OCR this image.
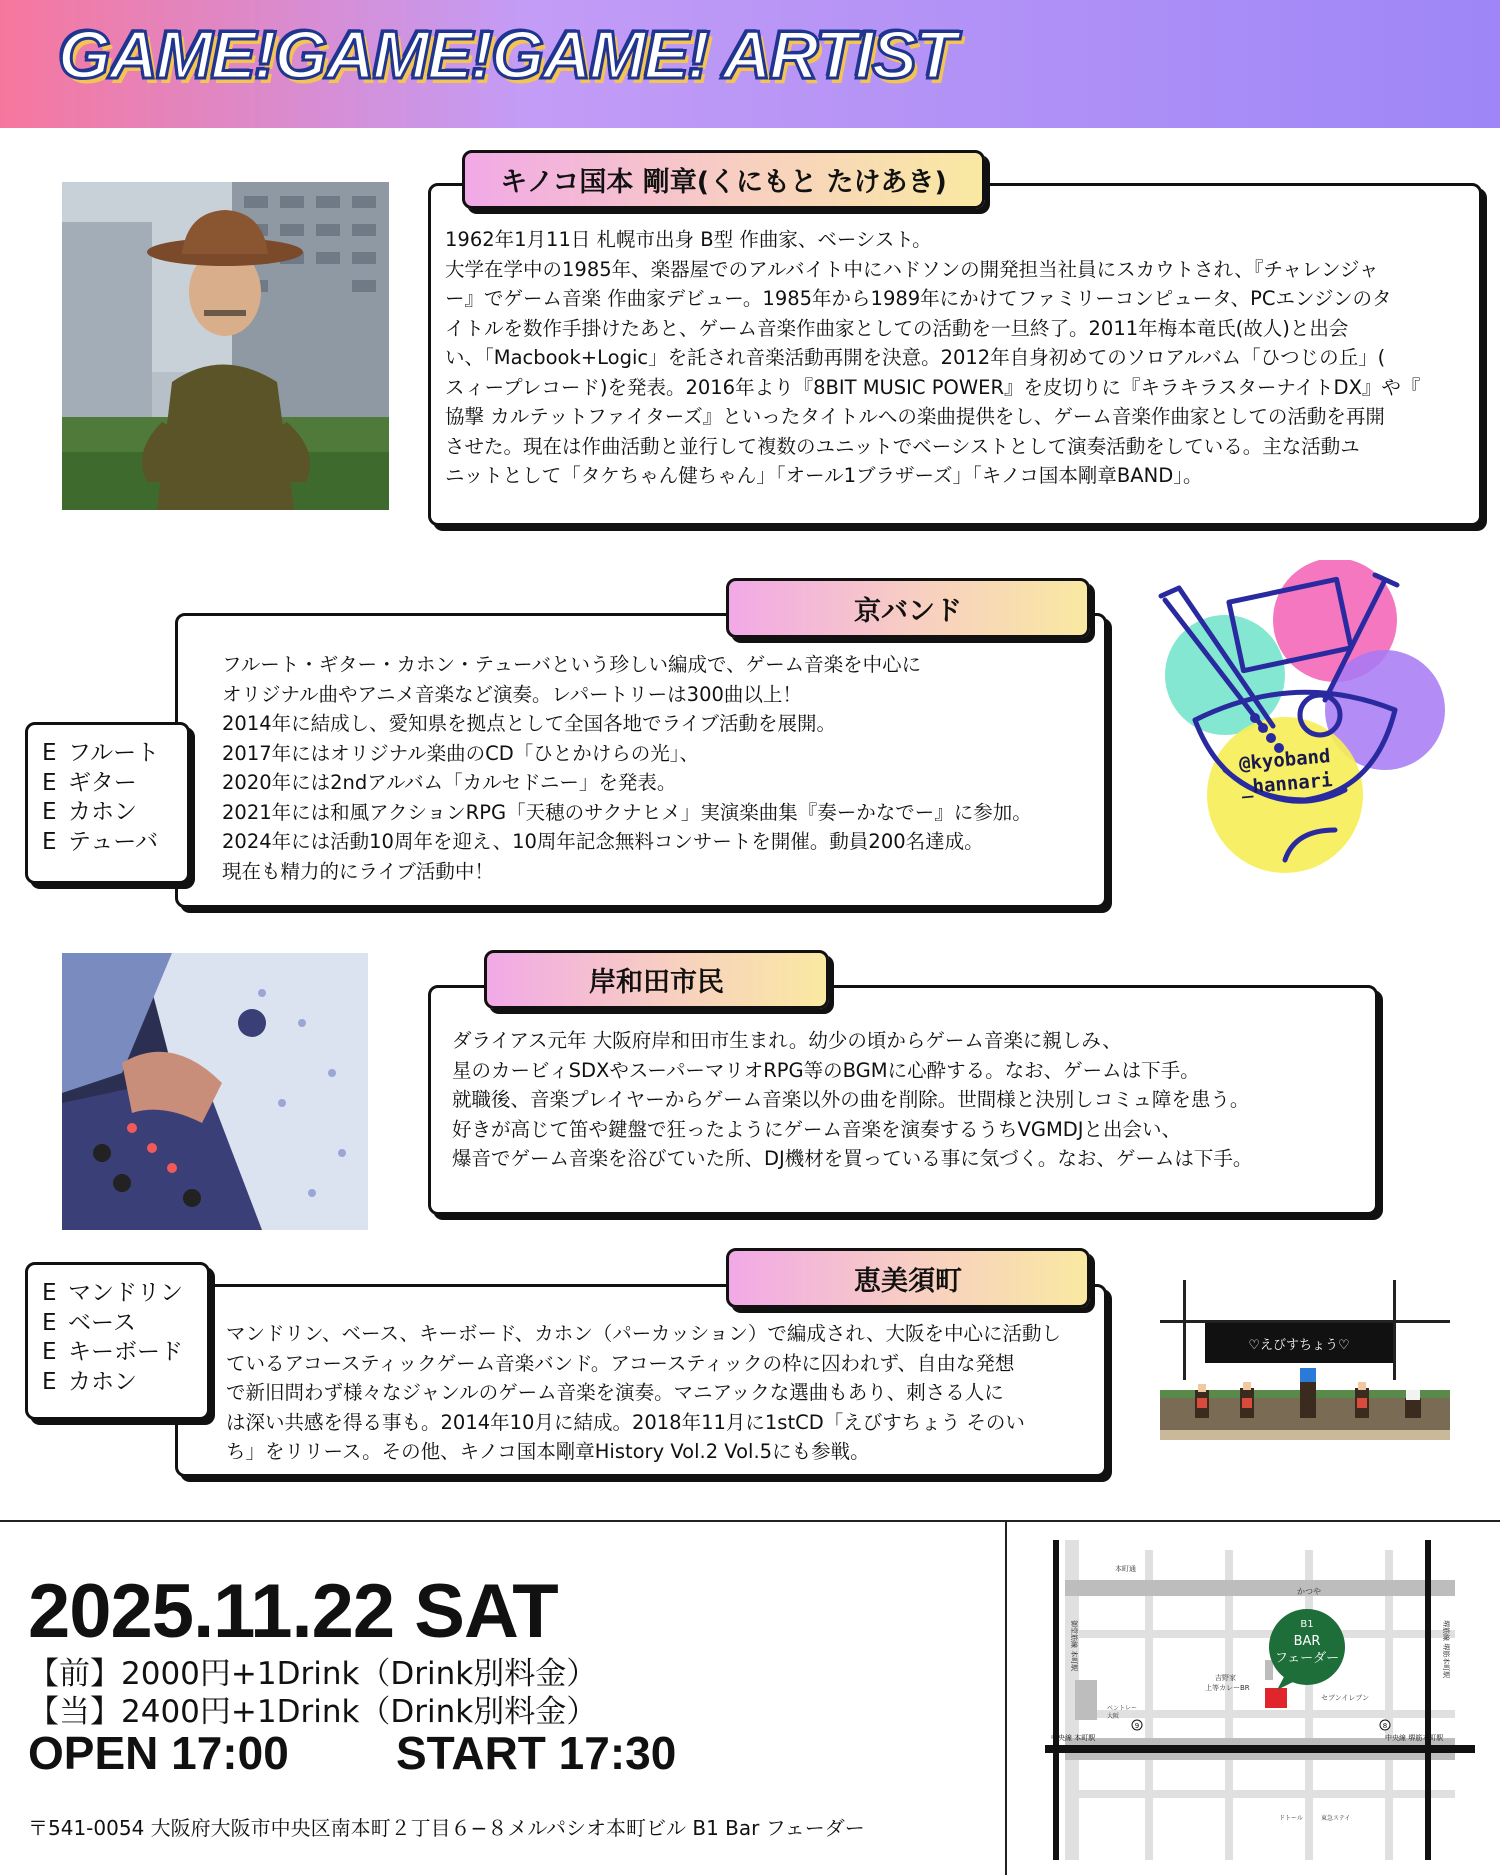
GAME!GAME!GAME! ARTIST
1962年1月11日 札幌市出身 B型 作曲家、ベーシスト。
大学在学中の1985年、楽器屋でのアルバイト中にハドソンの開発担当社員にスカウトされ、『チャレンジャ
ー』でゲーム音楽 作曲家デビュー。1985年から1989年にかけてファミリーコンピュータ、PCエンジンのタ
イトルを数作手掛けたあと、ゲーム音楽作曲家としての活動を一旦終了。2011年梅本竜氏(故人)と出会
い、「Macbook+Logic」を託され音楽活動再開を決意。2012年自身初めてのソロアルバム「ひつじの丘」(
スィープレコード)を発表。2016年より『8BIT MUSIC POWER』を皮切りに『キラキラスターナイトDX』や『
協撃 カルテットファイターズ』といったタイトルへの楽曲提供をし、ゲーム音楽作曲家としての活動を再開
させた。現在は作曲活動と並行して複数のユニットでベーシストとして演奏活動をしている。主な活動ユ
ニットとして「タケちゃん健ちゃん」「オール1ブラザーズ」「キノコ国本剛章BAND」。
キノコ国本 剛章(くにもと たけあき)
フルート・ギター・カホン・テューバという珍しい編成で、ゲーム音楽を中心に
オリジナル曲やアニメ音楽など演奏。レパートリーは300曲以上！
2014年に結成し、愛知県を拠点として全国各地でライブ活動を展開。
2017年にはオリジナル楽曲のCD「ひとかけらの光」、
2020年には2ndアルバム「カルセドニー」を発表。
2021年には和風アクションRPG「天穂のサクナヒメ」実演楽曲集『奏ーかなでー』に参加。
2024年には活動10周年を迎え、10周年記念無料コンサートを開催。動員200名達成。
現在も精力的にライブ活動中！
京バンド
E フルート
E ギター
E カホン
E テューバ
@kyoband
_hannari
ダライアス元年 大阪府岸和田市生まれ。幼少の頃からゲーム音楽に親しみ、
星のカービィSDXやスーパーマリオRPG等のBGMに心酔する。なお、ゲームは下手。
就職後、音楽プレイヤーからゲーム音楽以外の曲を削除。世間様と決別しコミュ障を患う。
好きが高じて笛や鍵盤で狂ったようにゲーム音楽を演奏するうちVGMDJと出会い、
爆音でゲーム音楽を浴びていた所、DJ機材を買っている事に気づく。なお、ゲームは下手。
岸和田市民
マンドリン、ベース、キーボード、カホン（パーカッション）で編成され、大阪を中心に活動し
ているアコースティックゲーム音楽バンド。アコースティックの枠に囚われず、自由な発想
で新旧問わず様々なジャンルのゲーム音楽を演奏。マニアックな選曲もあり、刺さる人に
は深い共感を得る事も。2014年10月に結成。2018年11月に1stCD「えびすちょう そのい
ち」をリリース。その他、キノコ国本剛章History Vol.2 Vol.5にも参戦。
恵美須町
E マンドリン
E ベース
E キーボード
E カホン
♡えびすちょう♡
2025.11.22 SAT
【前】2000円+1Drink（Drink別料金）
【当】2400円+1Drink（Drink別料金）
OPEN 17:00 START 17:30
〒541-0054 大阪府大阪市中央区南本町２丁目６−８メルパシオ本町ビル B1 Bar フェーダー
B1
BAR
フェーダー
本町通
かつや
吉野家
上等カレーBR
セブンイレブン
ベントレー
大阪
ドトール	東急ステイ
中央線 本町駅	中央線 堺筋本町駅
御堂筋線 本町駅	堺筋線 堺筋本町駅
9	8
